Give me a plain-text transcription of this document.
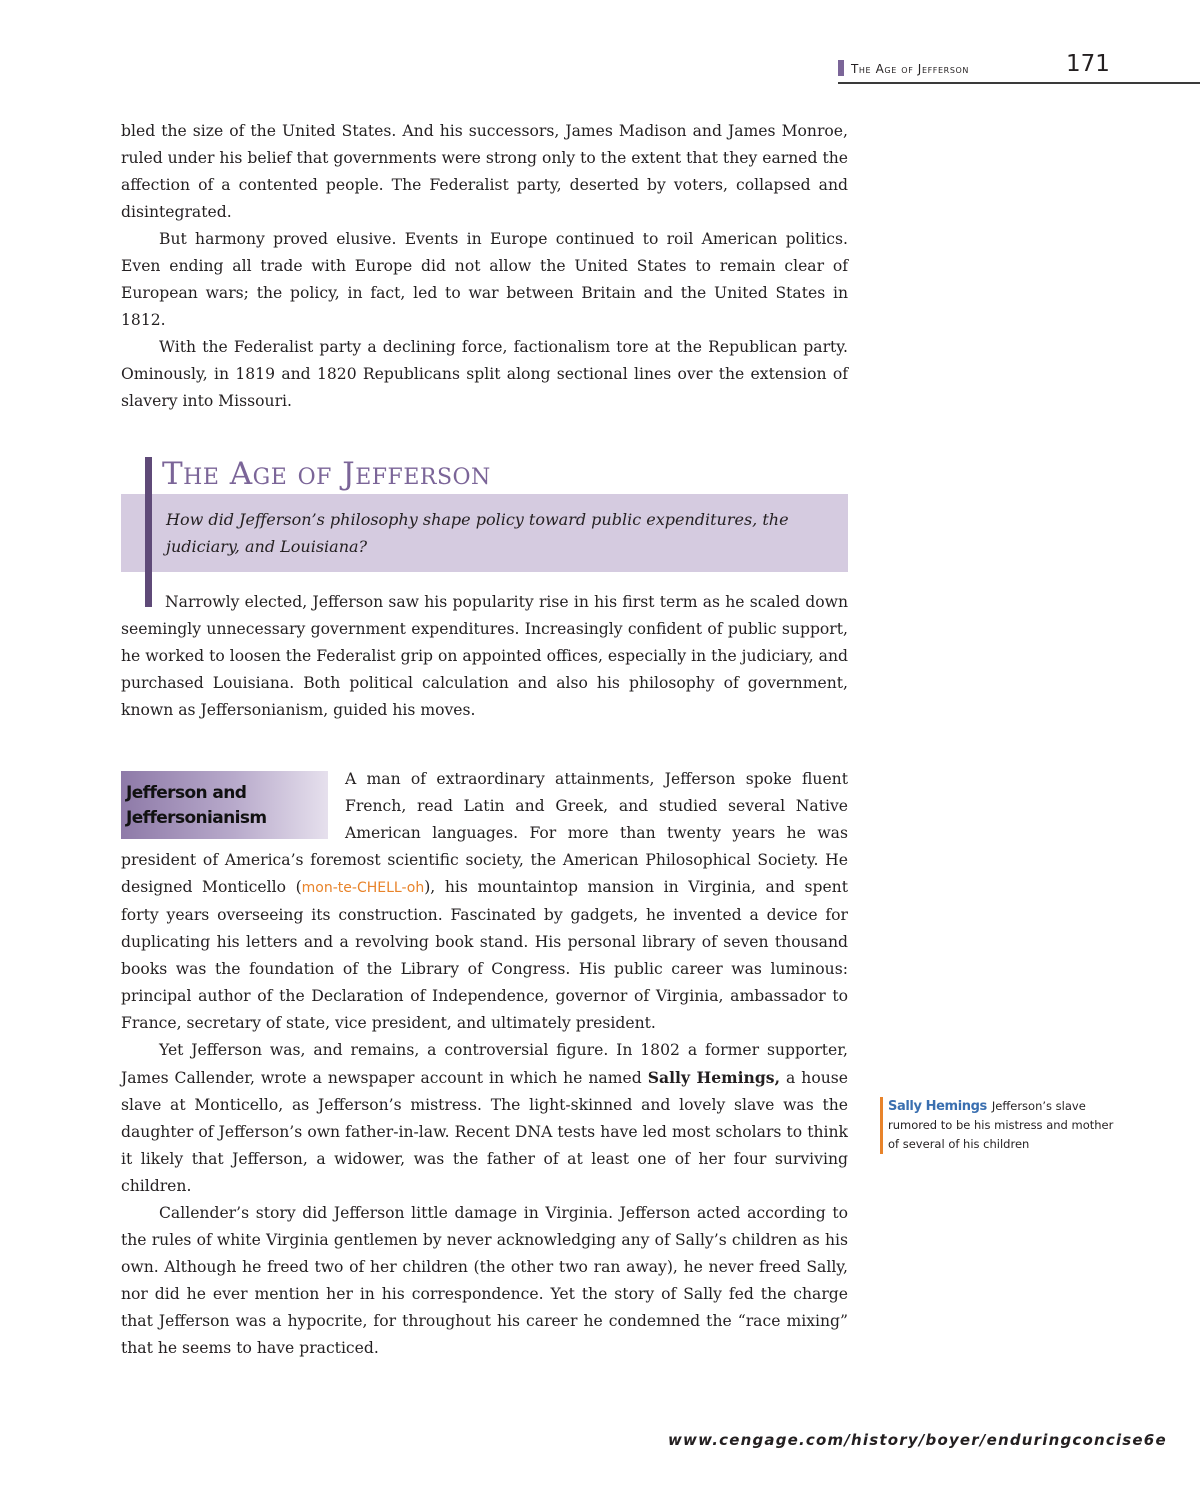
The Age of Jefferson	171

bled the size of the United States. And his successors, James Madison and James Monroe, ruled under his belief that governments were strong only to the extent that they earned the affection of a contented people. The Federalist party, deserted by voters, collapsed and disintegrated.

But harmony proved elusive. Events in Europe continued to roil American politics. Even ending all trade with Europe did not allow the United States to remain clear of European wars; the policy, in fact, led to war between Britain and the United States in 1812.

With the Federalist party a declining force, factionalism tore at the Republican party. Ominously, in 1819 and 1820 Republicans split along sectional lines over the extension of slavery into Missouri.

The Age of Jefferson
How did Jefferson’s philosophy shape policy toward public expenditures, the judiciary, and Louisiana?

Narrowly elected, Jefferson saw his popularity rise in his first term as he scaled down seemingly unnecessary government expenditures. Increasingly confident of public support, he worked to loosen the Federalist grip on appointed offices, especially in the judiciary, and purchased Louisiana. Both political calculation and also his philosophy of government, known as Jeffersonianism, guided his moves.

A man of extraordinary attainments, Jefferson spoke fluent French, read Latin and Greek, and studied several Native American languages. For more than twenty years he was president of America’s foremost scientific society, the American Philosophical Society. He designed Monticello (mon-te-CHELL-oh), his mountaintop mansion in Virginia, and spent forty years overseeing its construction. Fascinated by gadgets, he invented a device for duplicating his letters and a revolving book stand. His personal library of seven thousand books was the foundation of the Library of Congress. His public career was luminous: principal author of the Declaration of Independence, governor of Virginia, ambassador to France, secretary of state, vice president, and ultimately president.

Yet Jefferson was, and remains, a controversial figure. In 1802 a former supporter, James Callender, wrote a newspaper account in which he named Sally Hemings, a house slave at Monticello, as Jefferson’s mistress. The light-skinned and lovely slave was the daughter of Jefferson’s own father-in-law. Recent DNA tests have led most scholars to think it likely that Jefferson, a widower, was the father of at least one of her four surviving children.

Callender’s story did Jefferson little damage in Virginia. Jefferson acted according to the rules of white Virginia gentlemen by never acknowledging any of Sally’s children as his own. Although he freed two of her children (the other two ran away), he never freed Sally, nor did he ever mention her in his correspondence. Yet the story of Sally fed the charge that Jefferson was a hypocrite, for throughout his career he condemned the “race mixing” that he seems to have practiced.

Jefferson and
Jeffersonianism
Sally Hemings Jefferson’s slave rumored to be his mistress and mother of several of his children
www.cengage.com/history/boyer/enduringconcise6e
